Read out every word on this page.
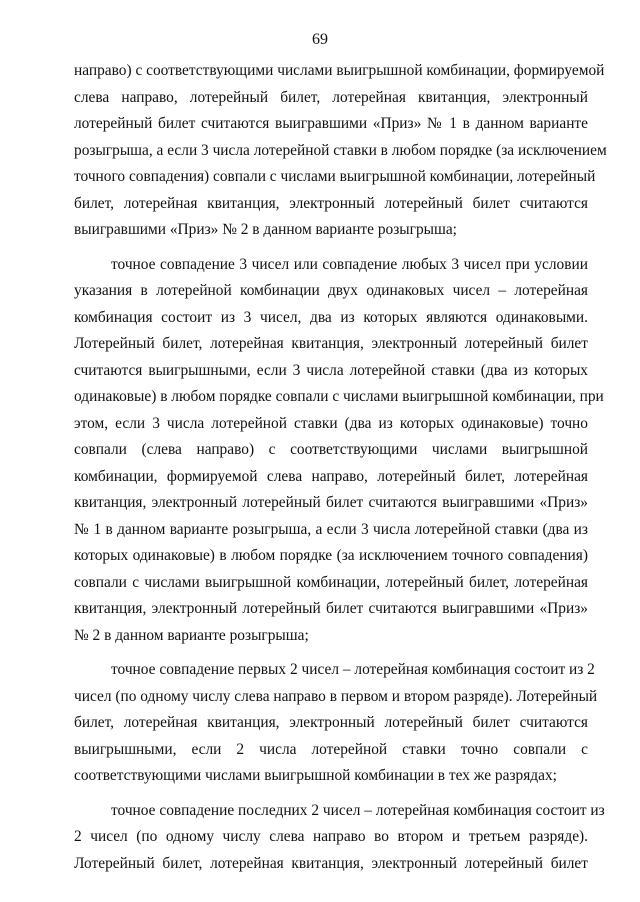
69
направо) с соответствующими числами выигрышной комбинации, формируемой
слева направо, лотерейный билет, лотерейная квитанция, электронный
лотерейный билет считаются выигравшими «Приз» № 1 в данном варианте
розыгрыша, а если 3 числа лотерейной ставки в любом порядке (за исключением
точного совпадения) совпали с числами выигрышной комбинации, лотерейный
билет, лотерейная квитанция, электронный лотерейный билет считаются
выигравшими «Приз» № 2 в данном варианте розыгрыша;
точное совпадение 3 чисел или совпадение любых 3 чисел при условии
указания в лотерейной комбинации двух одинаковых чисел – лотерейная
комбинация состоит из 3 чисел, два из которых являются одинаковыми.
Лотерейный билет, лотерейная квитанция, электронный лотерейный билет
считаются выигрышными, если 3 числа лотерейной ставки (два из которых
одинаковые) в любом порядке совпали с числами выигрышной комбинации, при
этом, если 3 числа лотерейной ставки (два из которых одинаковые) точно
совпали (слева направо) с соответствующими числами выигрышной
комбинации, формируемой слева направо, лотерейный билет, лотерейная
квитанция, электронный лотерейный билет считаются выигравшими «Приз»
№ 1 в данном варианте розыгрыша, а если 3 числа лотерейной ставки (два из
которых одинаковые) в любом порядке (за исключением точного совпадения)
совпали с числами выигрышной комбинации, лотерейный билет, лотерейная
квитанция, электронный лотерейный билет считаются выигравшими «Приз»
№ 2 в данном варианте розыгрыша;
точное совпадение первых 2 чисел – лотерейная комбинация состоит из 2
чисел (по одному числу слева направо в первом и втором разряде). Лотерейный
билет, лотерейная квитанция, электронный лотерейный билет считаются
выигрышными, если 2 числа лотерейной ставки точно совпали с
соответствующими числами выигрышной комбинации в тех же разрядах;
точное совпадение последних 2 чисел – лотерейная комбинация состоит из
2 чисел (по одному числу слева направо во втором и третьем разряде).
Лотерейный билет, лотерейная квитанция, электронный лотерейный билет
